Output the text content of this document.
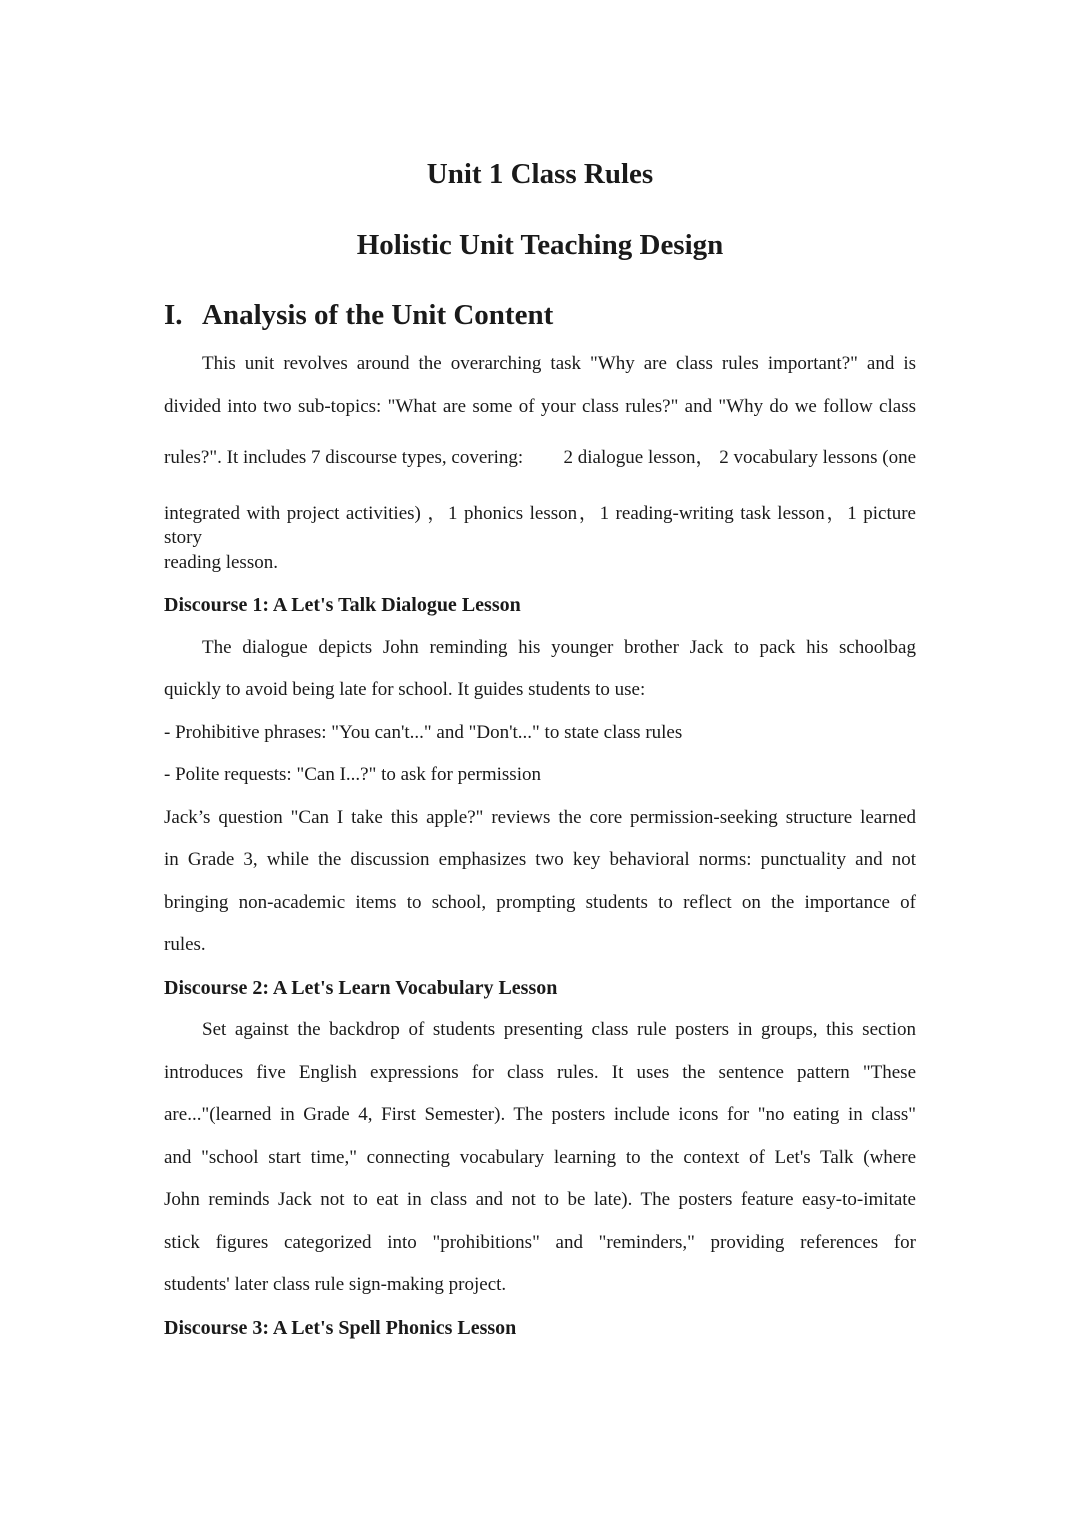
Unit 1 Class Rules
Holistic Unit Teaching Design
I. Analysis of the Unit Content

This unit revolves around the overarching task "Why are class rules important?" and is

divided into two sub-topics: "What are some of your class rules?" and "Why do we follow class

rules?". It includes 7 discourse types, covering:	2 dialogue lesson， 2 vocabulary lessons (one

integrated with project activities) ，1 phonics lesson，1 reading-writing task lesson，1 picture story

reading lesson.

Discourse 1: A Let's Talk Dialogue Lesson

The dialogue depicts John reminding his younger brother Jack to pack his schoolbag

quickly to avoid being late for school. It guides students to use:

- Prohibitive phrases: "You can't..." and "Don't..." to state class rules

- Polite requests: "Can I...?" to ask for permission

Jack’s question "Can I take this apple?" reviews the core permission-seeking structure learned

in Grade 3, while the discussion emphasizes two key behavioral norms: punctuality and not

bringing non-academic items to school, prompting students to reflect on the importance of

rules.

Discourse 2: A Let's Learn Vocabulary Lesson

Set against the backdrop of students presenting class rule posters in groups, this section

introduces five English expressions for class rules. It uses the sentence pattern "These

are..."(learned in Grade 4, First Semester). The posters include icons for "no eating in class"

and "school start time," connecting vocabulary learning to the context of Let's Talk (where

John reminds Jack not to eat in class and not to be late). The posters feature easy-to-imitate

stick figures categorized into "prohibitions" and "reminders," providing references for

students' later class rule sign-making project.

Discourse 3: A Let's Spell Phonics Lesson
